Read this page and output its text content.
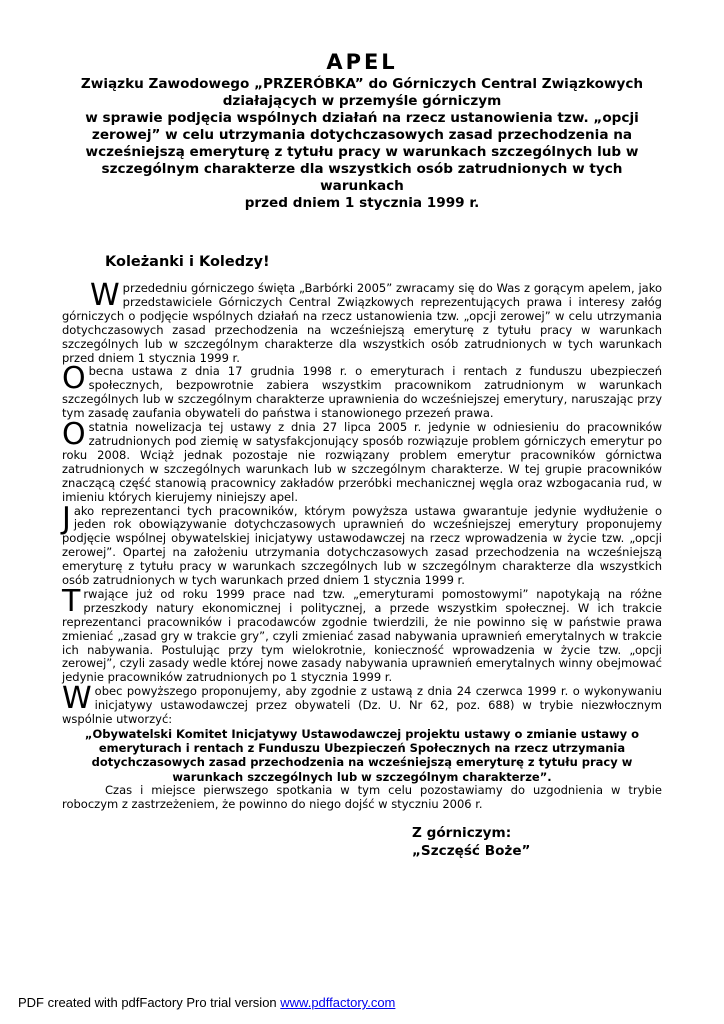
APEL
Związku Zawodowego „PRZERÓBKA” do Górniczych Central Związkowych
działających w przemyśle górniczym
w sprawie podjęcia wspólnych działań na rzecz ustanowienia tzw. „opcji
zerowej” w celu utrzymania dotychczasowych zasad przechodzenia na
wcześniejszą emeryturę z tytułu pracy w warunkach szczególnych lub w
szczególnym charakterze dla wszystkich osób zatrudnionych w tych warunkach
przed dniem 1 stycznia 1999 r.
Koleżanki i Koledzy!

W przededniu górniczego święta „Barbórki 2005” zwracamy się do Was z gorącym apelem, jako przedstawiciele Górniczych Central Związkowych reprezentujących prawa i interesy załóg górniczych o podjęcie wspólnych działań na rzecz ustanowienia tzw. „opcji zerowej” w celu utrzymania dotychczasowych zasad przechodzenia na wcześniejszą emeryturę z tytułu pracy w warunkach szczególnych lub w szczególnym charakterze dla wszystkich osób zatrudnionych w tych warunkach przed dniem 1 stycznia 1999 r.

O becna ustawa z dnia 17 grudnia 1998 r. o emeryturach i rentach z funduszu ubezpieczeń społecznych, bezpowrotnie zabiera wszystkim pracownikom zatrudnionym w warunkach szczególnych lub w szczególnym charakterze uprawnienia do wcześniejszej emerytury, naruszając przy tym zasadę zaufania obywateli do państwa i stanowionego przezeń prawa.

O statnia nowelizacja tej ustawy z dnia 27 lipca 2005 r. jedynie w odniesieniu do pracowników zatrudnionych pod ziemię w satysfakcjonujący sposób rozwiązuje problem górniczych emerytur po roku 2008. Wciąż jednak pozostaje nie rozwiązany problem emerytur pracowników górnictwa zatrudnionych w szczególnych warunkach lub w szczególnym charakterze. W tej grupie pracowników znaczącą część stanowią pracownicy zakładów przeróbki mechanicznej węgla oraz wzbogacania rud, w imieniu których kierujemy niniejszy apel.

J ako reprezentanci tych pracowników, którym powyższa ustawa gwarantuje jedynie wydłużenie o jeden rok obowiązywanie dotychczasowych uprawnień do wcześniejszej emerytury proponujemy podjęcie wspólnej obywatelskiej inicjatywy ustawodawczej na rzecz wprowadzenia w życie tzw. „opcji zerowej”. Opartej na założeniu utrzymania dotychczasowych zasad przechodzenia na wcześniejszą emeryturę z tytułu pracy w warunkach szczególnych lub w szczególnym charakterze dla wszystkich osób zatrudnionych w tych warunkach przed dniem 1 stycznia 1999 r.

T rwające już od roku 1999 prace nad tzw. „emeryturami pomostowymi” napotykają na różne przeszkody natury ekonomicznej i politycznej, a przede wszystkim społecznej. W ich trakcie reprezentanci pracowników i pracodawców zgodnie twierdzili, że nie powinno się w państwie prawa zmieniać „zasad gry w trakcie gry”, czyli zmieniać zasad nabywania uprawnień emerytalnych w trakcie ich nabywania. Postulując przy tym wielokrotnie, konieczność wprowadzenia w życie tzw. „opcji zerowej”, czyli zasady wedle której nowe zasady nabywania uprawnień emerytalnych winny obejmować jedynie pracowników zatrudnionych po 1 stycznia 1999 r.

W obec powyższego proponujemy, aby zgodnie z ustawą z dnia 24 czerwca 1999 r. o wykonywaniu inicjatywy ustawodawczej przez obywateli (Dz. U. Nr 62, poz. 688) w trybie niezwłocznym wspólnie utworzyć:

„Obywatelski Komitet Inicjatywy Ustawodawczej projektu ustawy o zmianie ustawy o emeryturach i rentach z Funduszu Ubezpieczeń Społecznych na rzecz utrzymania dotychczasowych zasad przechodzenia na wcześniejszą emeryturę z tytułu pracy w warunkach szczególnych lub w szczególnym charakterze”.

Czas i miejsce pierwszego spotkania w tym celu pozostawiamy do uzgodnienia w trybie roboczym z zastrzeżeniem, że powinno do niego dojść w styczniu 2006 r.

Z górniczym:
„Szczęść Boże”
PDF created with pdfFactory Pro trial version www.pdffactory.com
